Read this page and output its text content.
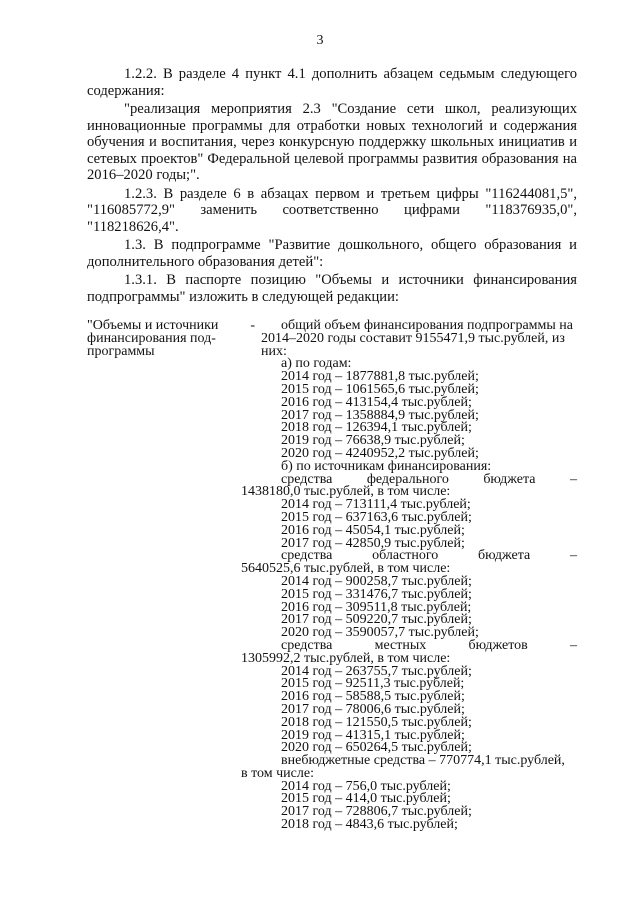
3

1.2.2. В разделе 4 пункт 4.1 дополнить абзацем седьмым следующего содержания:

"реализация мероприятия 2.3 "Создание сети школ, реализующих инновационные программы для отработки новых технологий и содержания обучения и воспитания, через конкурсную поддержку школьных инициатив и сетевых проектов" Федеральной целевой программы развития образования на 2016–2020 годы;".

1.2.3. В разделе 6 в абзацах первом и третьем цифры "116244081,5", "116085772,9" заменить соответственно цифрами "118376935,0", "118218626,4".

1.3. В подпрограмме "Развитие дошкольного, общего образования и дополнительного образования детей":

1.3.1. В паспорте позицию "Объемы и источники финансирования подпрограммы" изложить в следующей редакции:

"Объемы и источники -
финансирования под-
программы
общий объем финансирования подпрограммы на 2014–2020 годы составит 9155471,9 тыс.рублей, из них:
а) по годам:
2014 год – 1877881,8 тыс.рублей;
2015 год – 1061565,6 тыс.рублей;
2016 год – 413154,4 тыс.рублей;
2017 год – 1358884,9 тыс.рублей;
2018 год – 126394,1 тыс.рублей;
2019 год – 76638,9 тыс.рублей;
2020 год – 4240952,2 тыс.рублей;
б) по источникам финансирования:
средства федерального бюджета –
1438180,0 тыс.рублей, в том числе:
2014 год – 713111,4 тыс.рублей;
2015 год – 637163,6 тыс.рублей;
2016 год – 45054,1 тыс.рублей;
2017 год – 42850,9 тыс.рублей;
средства	областного	бюджета	–
5640525,6 тыс.рублей, в том числе:
2014 год – 900258,7 тыс.рублей;
2015 год – 331476,7 тыс.рублей;
2016 год – 309511,8 тыс.рублей;
2017 год – 509220,7 тыс.рублей;
2020 год – 3590057,7 тыс.рублей;
средства	местных	бюджетов	–
1305992,2 тыс.рублей, в том числе:
2014 год – 263755,7 тыс.рублей;
2015 год – 92511,3 тыс.рублей;
2016 год – 58588,5 тыс.рублей;
2017 год – 78006,6 тыс.рублей;
2018 год – 121550,5 тыс.рублей;
2019 год – 41315,1 тыс.рублей;
2020 год – 650264,5 тыс.рублей;
внебюджетные средства – 770774,1 тыс.рублей,
в том числе:
2014 год – 756,0 тыс.рублей;
2015 год – 414,0 тыс.рублей;
2017 год – 728806,7 тыс.рублей;
2018 год – 4843,6 тыс.рублей;
